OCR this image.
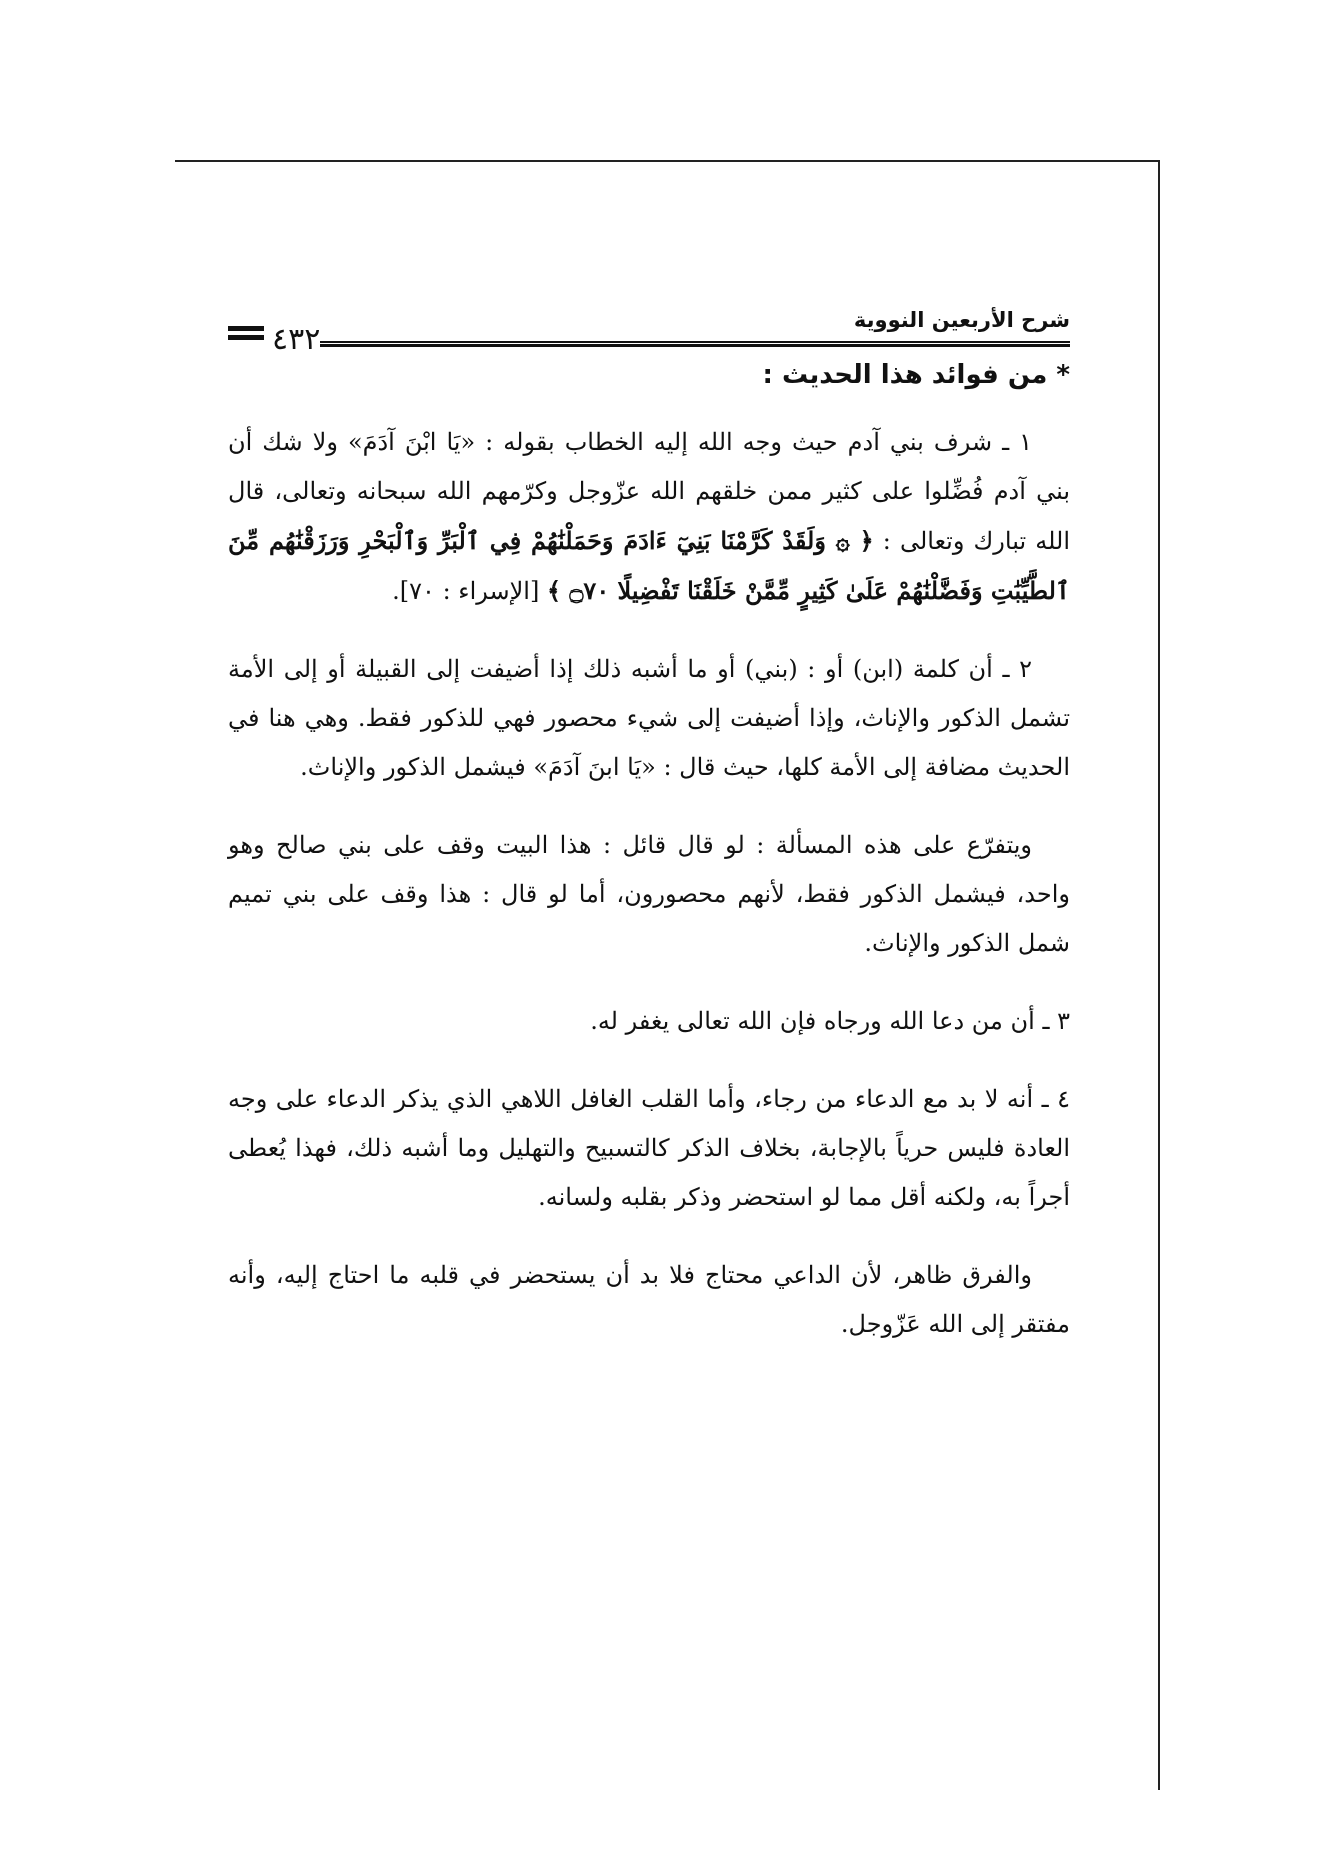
شرح الأربعين النووية
٤٣٢
* من فوائد هذا الحديث :

١ ـ شرف بني آدم حيث وجه الله إليه الخطاب بقوله : «يَا ابْنَ آدَمَ» ولا شك أن بني آدم فُضِّلوا على كثير ممن خلقهم الله عزّوجل وكرّمهم الله سبحانه وتعالى، قال الله تبارك وتعالى : ﴿ ۞ وَلَقَدْ كَرَّمْنَا بَنِيٓ ءَادَمَ وَحَمَلْنَٰهُمْ فِي ٱلْبَرِّ وَٱلْبَحْرِ وَرَزَقْنَٰهُم مِّنَ ٱلطَّيِّبَٰتِ وَفَضَّلْنَٰهُمْ عَلَىٰ كَثِيرٍ مِّمَّنْ خَلَقْنَا تَفْضِيلًا ۝٧٠ ﴾ [الإسراء : ٧٠].

٢ ـ أن كلمة (ابن) أو : (بني) أو ما أشبه ذلك إذا أضيفت إلى القبيلة أو إلى الأمة تشمل الذكور والإناث، وإذا أضيفت إلى شيء محصور فهي للذكور فقط. وهي هنا في الحديث مضافة إلى الأمة كلها، حيث قال : «يَا ابنَ آدَمَ» فيشمل الذكور والإناث.

ويتفرّع على هذه المسألة : لو قال قائل : هذا البيت وقف على بني صالح وهو واحد، فيشمل الذكور فقط، لأنهم محصورون، أما لو قال : هذا وقف على بني تميم شمل الذكور والإناث.

٣ ـ أن من دعا الله ورجاه فإن الله تعالى يغفر له.

٤ ـ أنه لا بد مع الدعاء من رجاء، وأما القلب الغافل اللاهي الذي يذكر الدعاء على وجه العادة فليس حرياً بالإجابة، بخلاف الذكر كالتسبيح والتهليل وما أشبه ذلك، فهذا يُعطى أجراً به، ولكنه أقل مما لو استحضر وذكر بقلبه ولسانه.

والفرق ظاهر، لأن الداعي محتاج فلا بد أن يستحضر في قلبه ما احتاج إليه، وأنه مفتقر إلى الله عَزّوجل.
